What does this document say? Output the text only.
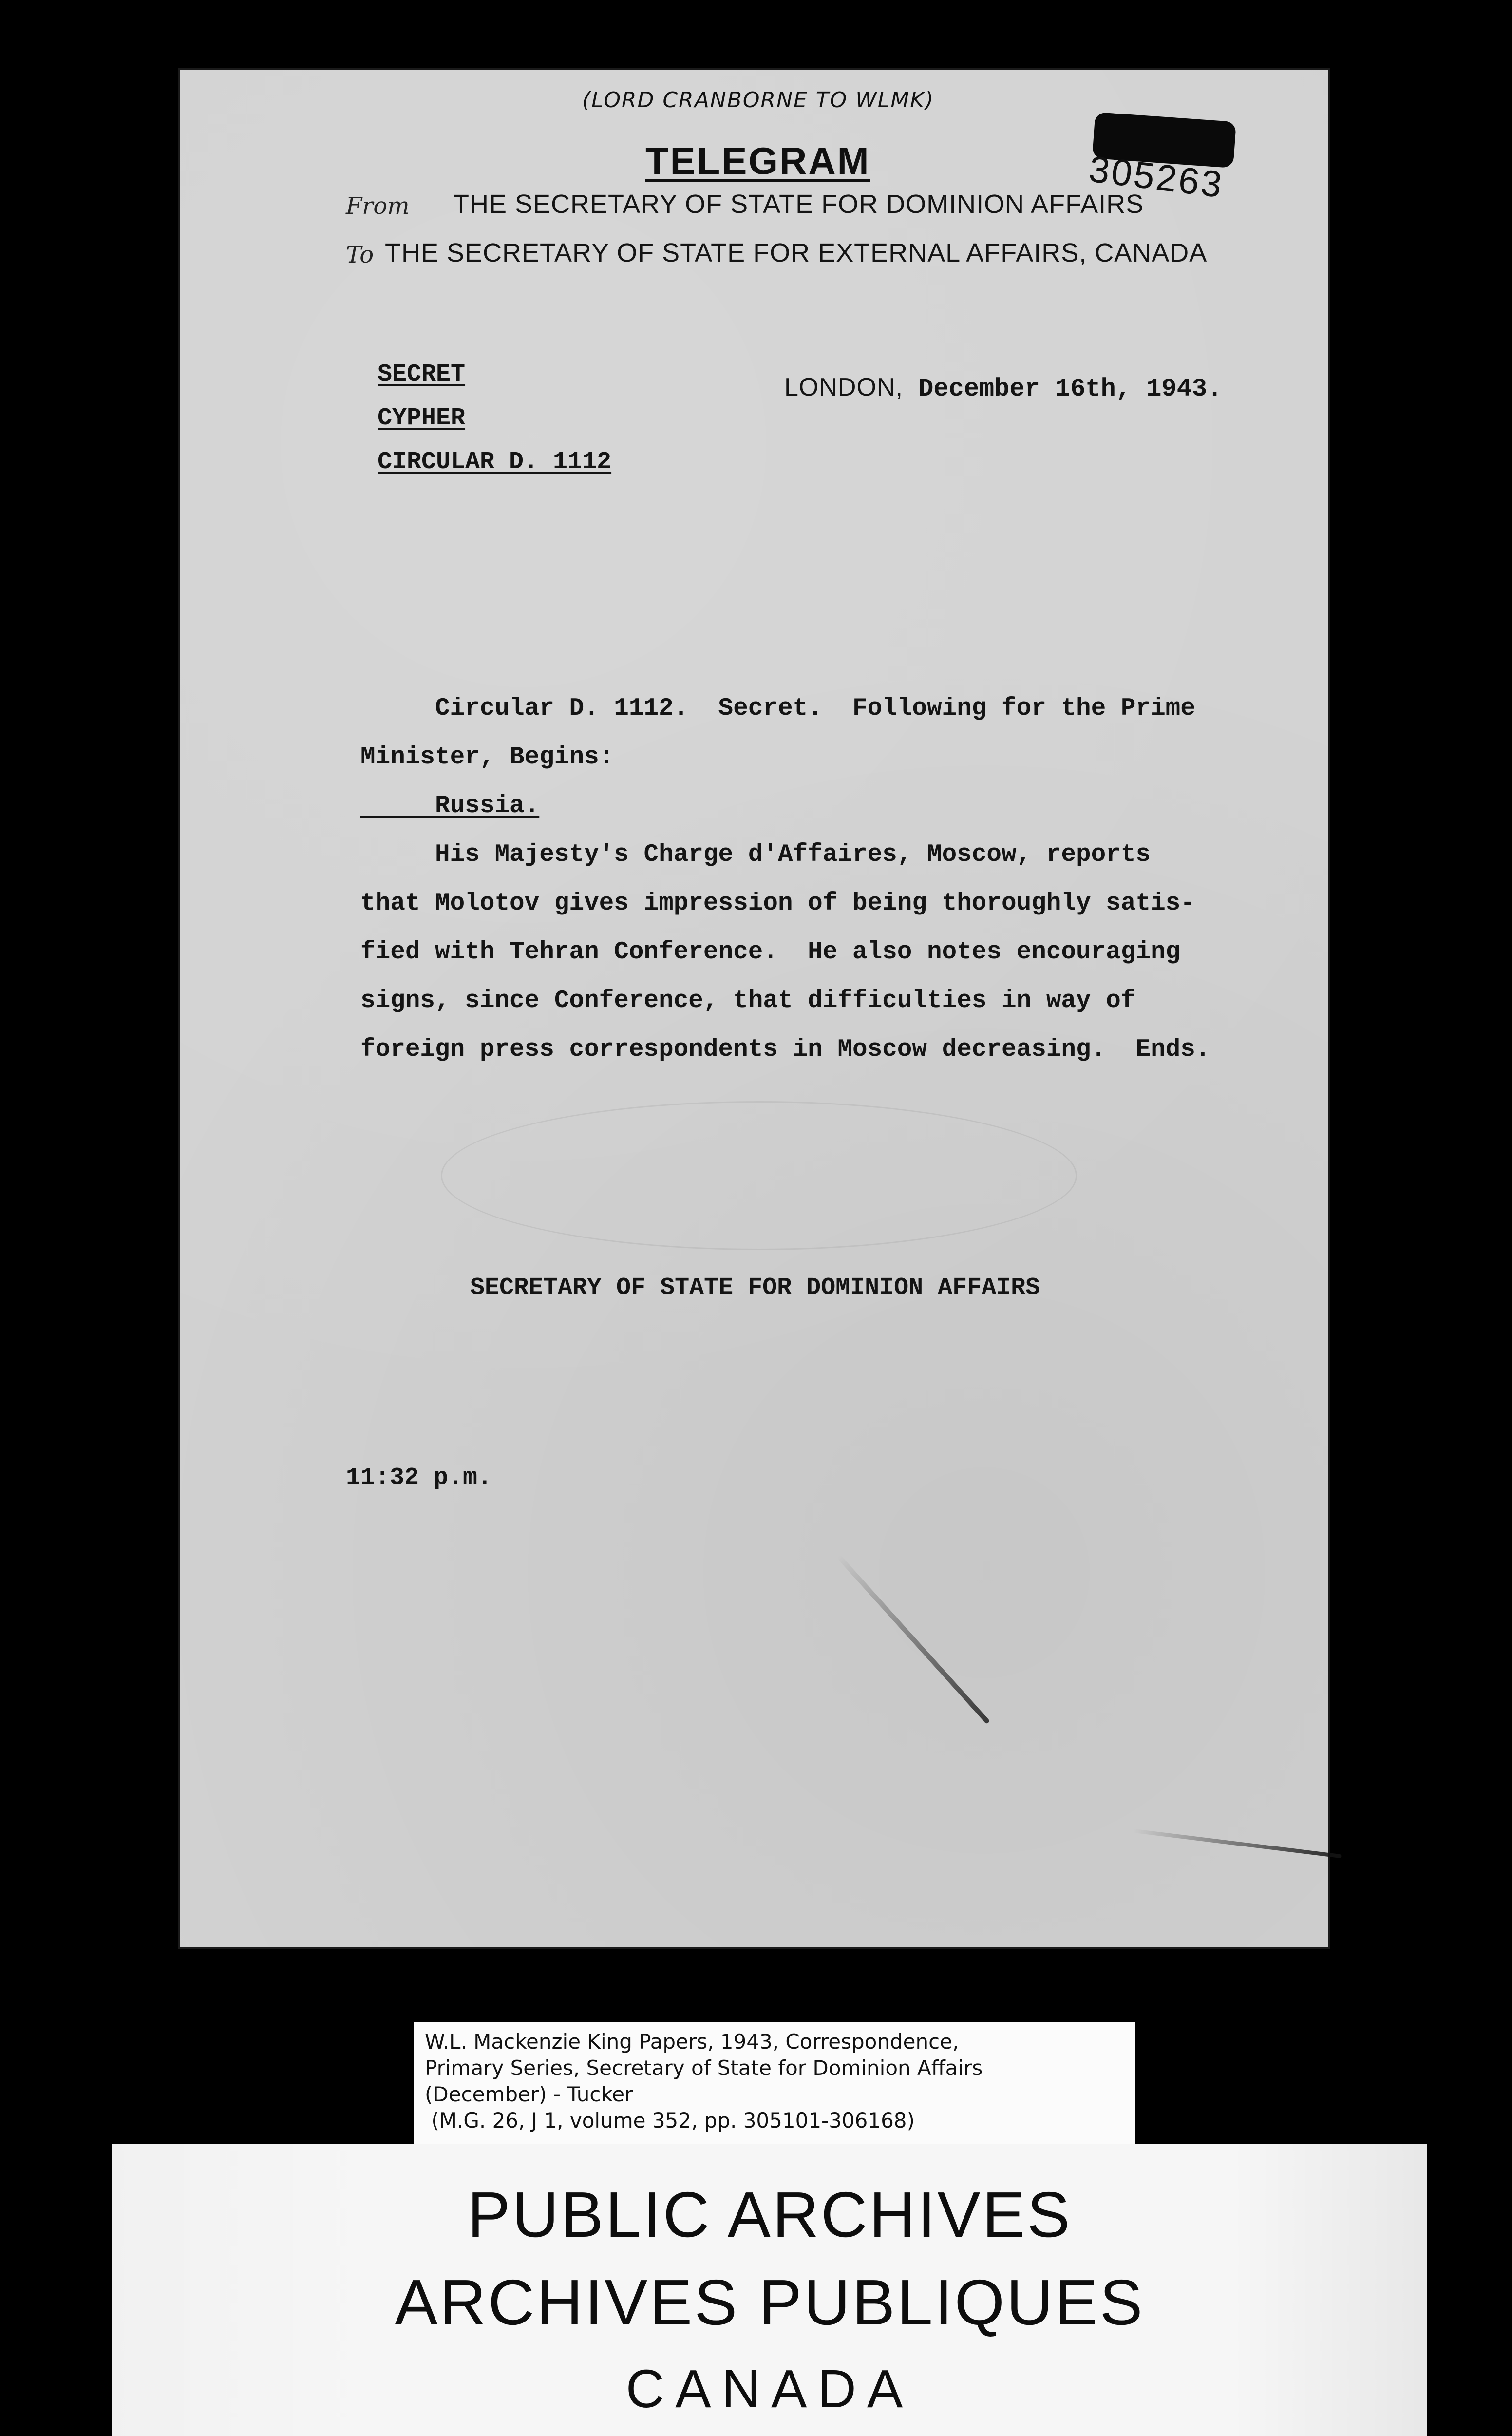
(LORD CRANBORNE TO WLMK)
305263
TELEGRAM
From THE SECRETARY OF STATE FOR DOMINION AFFAIRS
To THE SECRETARY OF STATE FOR EXTERNAL AFFAIRS, CANADA
SECRET
CYPHER
CIRCULAR D. 1112
LONDON, December 16th, 1943.

Circular D. 1112.  Secret.  Following for the Prime

Minister, Begins:

Russia.

His Majesty's Charge d'Affaires, Moscow, reports

that Molotov gives impression of being thoroughly satis-

fied with Tehran Conference.  He also notes encouraging

signs, since Conference, that difficulties in way of

foreign press correspondents in Moscow decreasing.  Ends.

SECRETARY OF STATE FOR DOMINION AFFAIRS
11:32 p.m.

W.L. Mackenzie King Papers, 1943, Correspondence,

Primary Series, Secretary of State for Dominion Affairs

(December) - Tucker

(M.G. 26, J 1, volume 352, pp. 305101-306168)

PUBLIC ARCHIVES
ARCHIVES PUBLIQUES
CANADA
